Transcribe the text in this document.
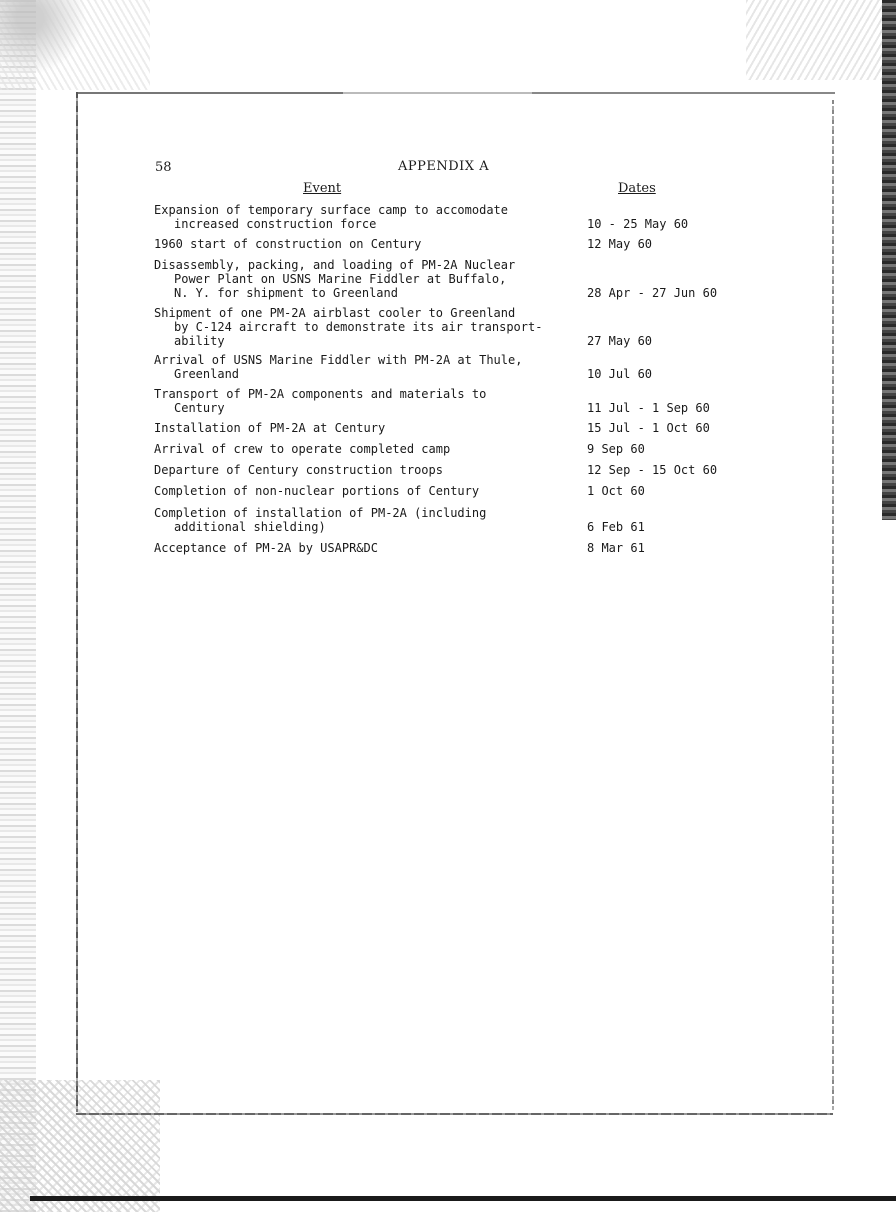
58	APPENDIX A
Event	Dates
Expansion of temporary surface camp to accomodate
increased construction force	10 - 25 May 60
1960 start of construction on Century	12 May 60
Disassembly, packing, and loading of PM-2A Nuclear
Power Plant on USNS Marine Fiddler at Buffalo,
N. Y. for shipment to Greenland	28 Apr - 27 Jun 60
Shipment of one PM-2A airblast cooler to Greenland
by C-124 aircraft to demonstrate its air transport-
ability	27 May 60
Arrival of USNS Marine Fiddler with PM-2A at Thule,
Greenland	10 Jul 60
Transport of PM-2A components and materials to
Century	11 Jul - 1 Sep 60
Installation of PM-2A at Century	15 Jul - 1 Oct 60
Arrival of crew to operate completed camp	9 Sep 60
Departure of Century construction troops	12 Sep - 15 Oct 60
Completion of non-nuclear portions of Century	1 Oct 60
Completion of installation of PM-2A (including
additional shielding)	6 Feb 61
Acceptance of PM-2A by USAPR&DC	8 Mar 61
